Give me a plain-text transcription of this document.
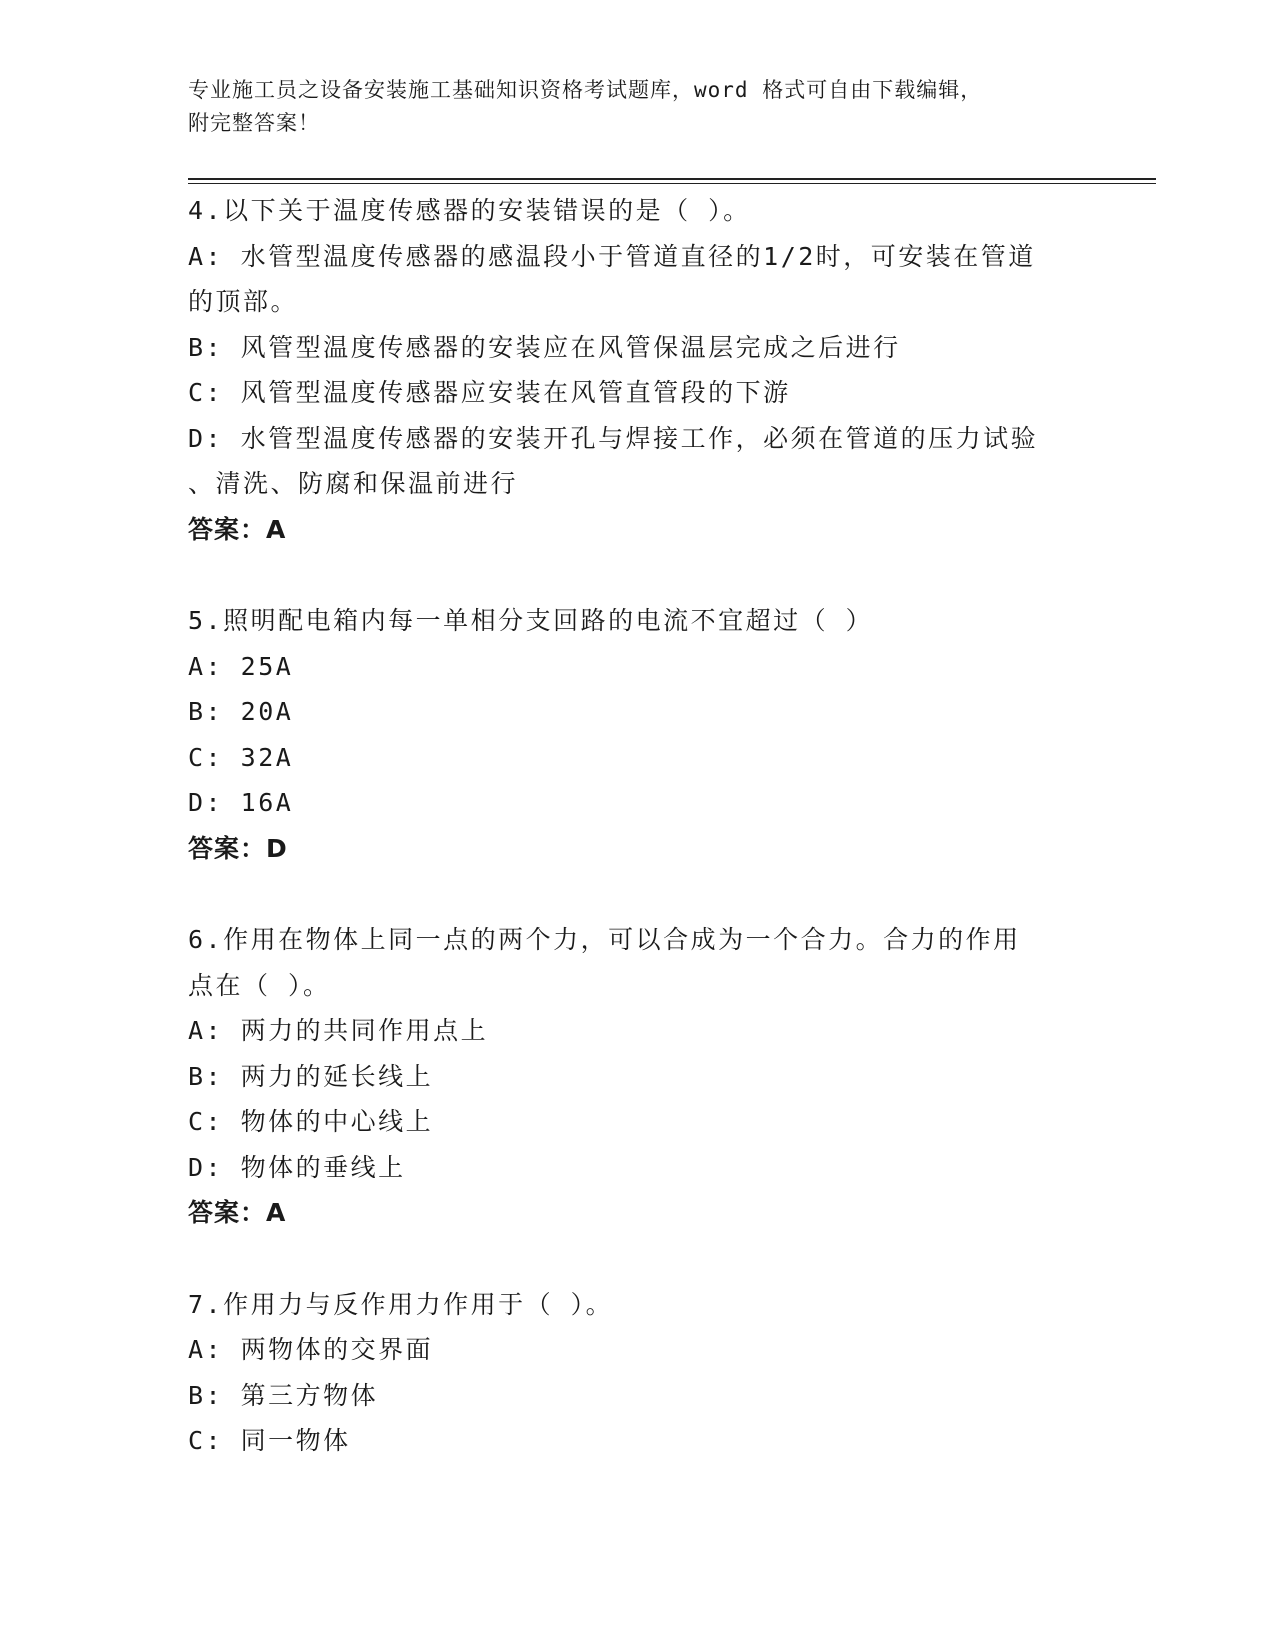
专业施工员之设备安装施工基础知识资格考试题库，word 格式可自由下载编辑，
附完整答案！
4.以下关于温度传感器的安装错误的是（ ）。
A: 水管型温度传感器的感温段小于管道直径的1/2时，可安装在管道
的顶部。
B: 风管型温度传感器的安装应在风管保温层完成之后进行
C: 风管型温度传感器应安装在风管直管段的下游
D: 水管型温度传感器的安装开孔与焊接工作，必须在管道的压力试验
、清洗、防腐和保温前进行
答案：A
5.照明配电箱内每一单相分支回路的电流不宜超过（ ）
A: 25A
B: 20A
C: 32A
D: 16A
答案：D
6.作用在物体上同一点的两个力，可以合成为一个合力。合力的作用
点在（ ）。
A: 两力的共同作用点上
B: 两力的延长线上
C: 物体的中心线上
D: 物体的垂线上
答案：A
7.作用力与反作用力作用于（ ）。
A: 两物体的交界面
B: 第三方物体
C: 同一物体
